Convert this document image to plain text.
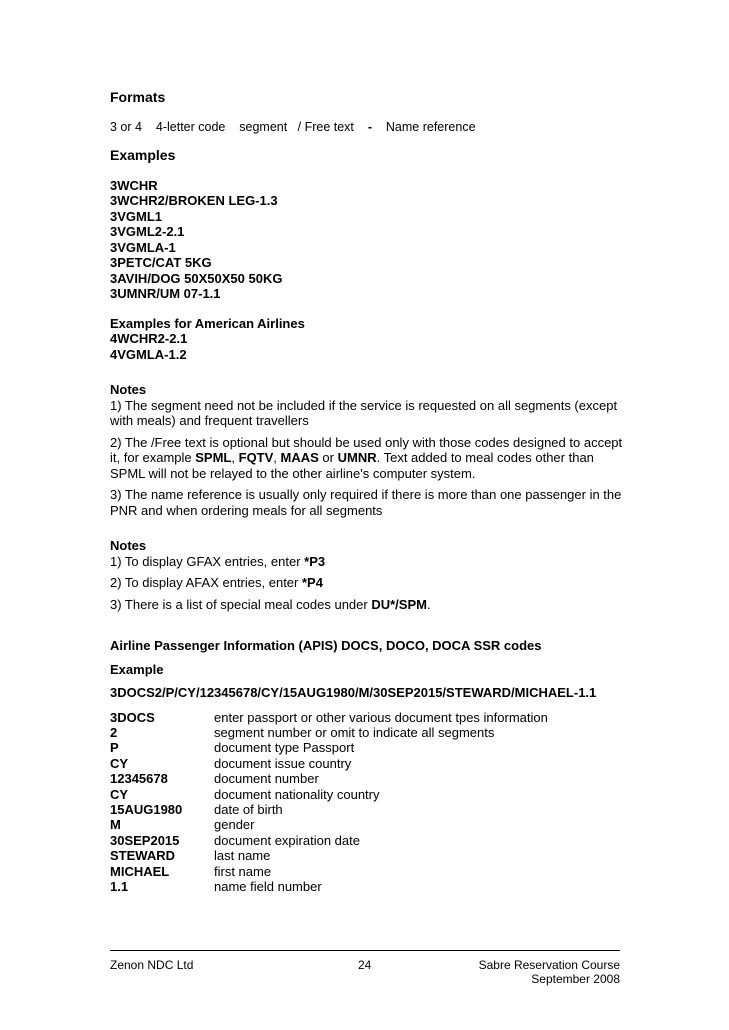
Formats
3 or 4 4-letter code segment / Free text - Name reference
Examples
3WCHR
3WCHR2/BROKEN LEG-1.3
3VGML1
3VGML2-2.1
3VGMLA-1
3PETC/CAT 5KG
3AVIH/DOG 50X50X50 50KG
3UMNR/UM 07-1.1
Examples for American Airlines
4WCHR2-2.1
4VGMLA-1.2
Notes

1) The segment need not be included if the service is requested on all segments (except with meals) and frequent travellers

2) The /Free text is optional but should be used only with those codes designed to accept it, for example SPML, FQTV, MAAS or UMNR. Text added to meal codes other than SPML will not be relayed to the other airline's computer system.

3) The name reference is usually only required if there is more than one passenger in the PNR and when ordering meals for all segments

Notes

1) To display GFAX entries, enter *P3

2) To display AFAX entries, enter *P4

3) There is a list of special meal codes under DU*/SPM.

Airline Passenger Information (APIS) DOCS, DOCO, DOCA SSR codes
Example
3DOCS2/P/CY/12345678/CY/15AUG1980/M/30SEP2015/STEWARD/MICHAEL-1.1
3DOCS	enter passport or other various document tpes information
2	segment number or omit to indicate all segments
P	document type Passport
CY	document issue country
12345678	document number
CY	document nationality country
15AUG1980	date of birth
M	gender
30SEP2015	document expiration date
STEWARD	last name
MICHAEL	first name
1.1	name field number
Zenon NDC Ltd	24	Sabre Reservation Course
September 2008
